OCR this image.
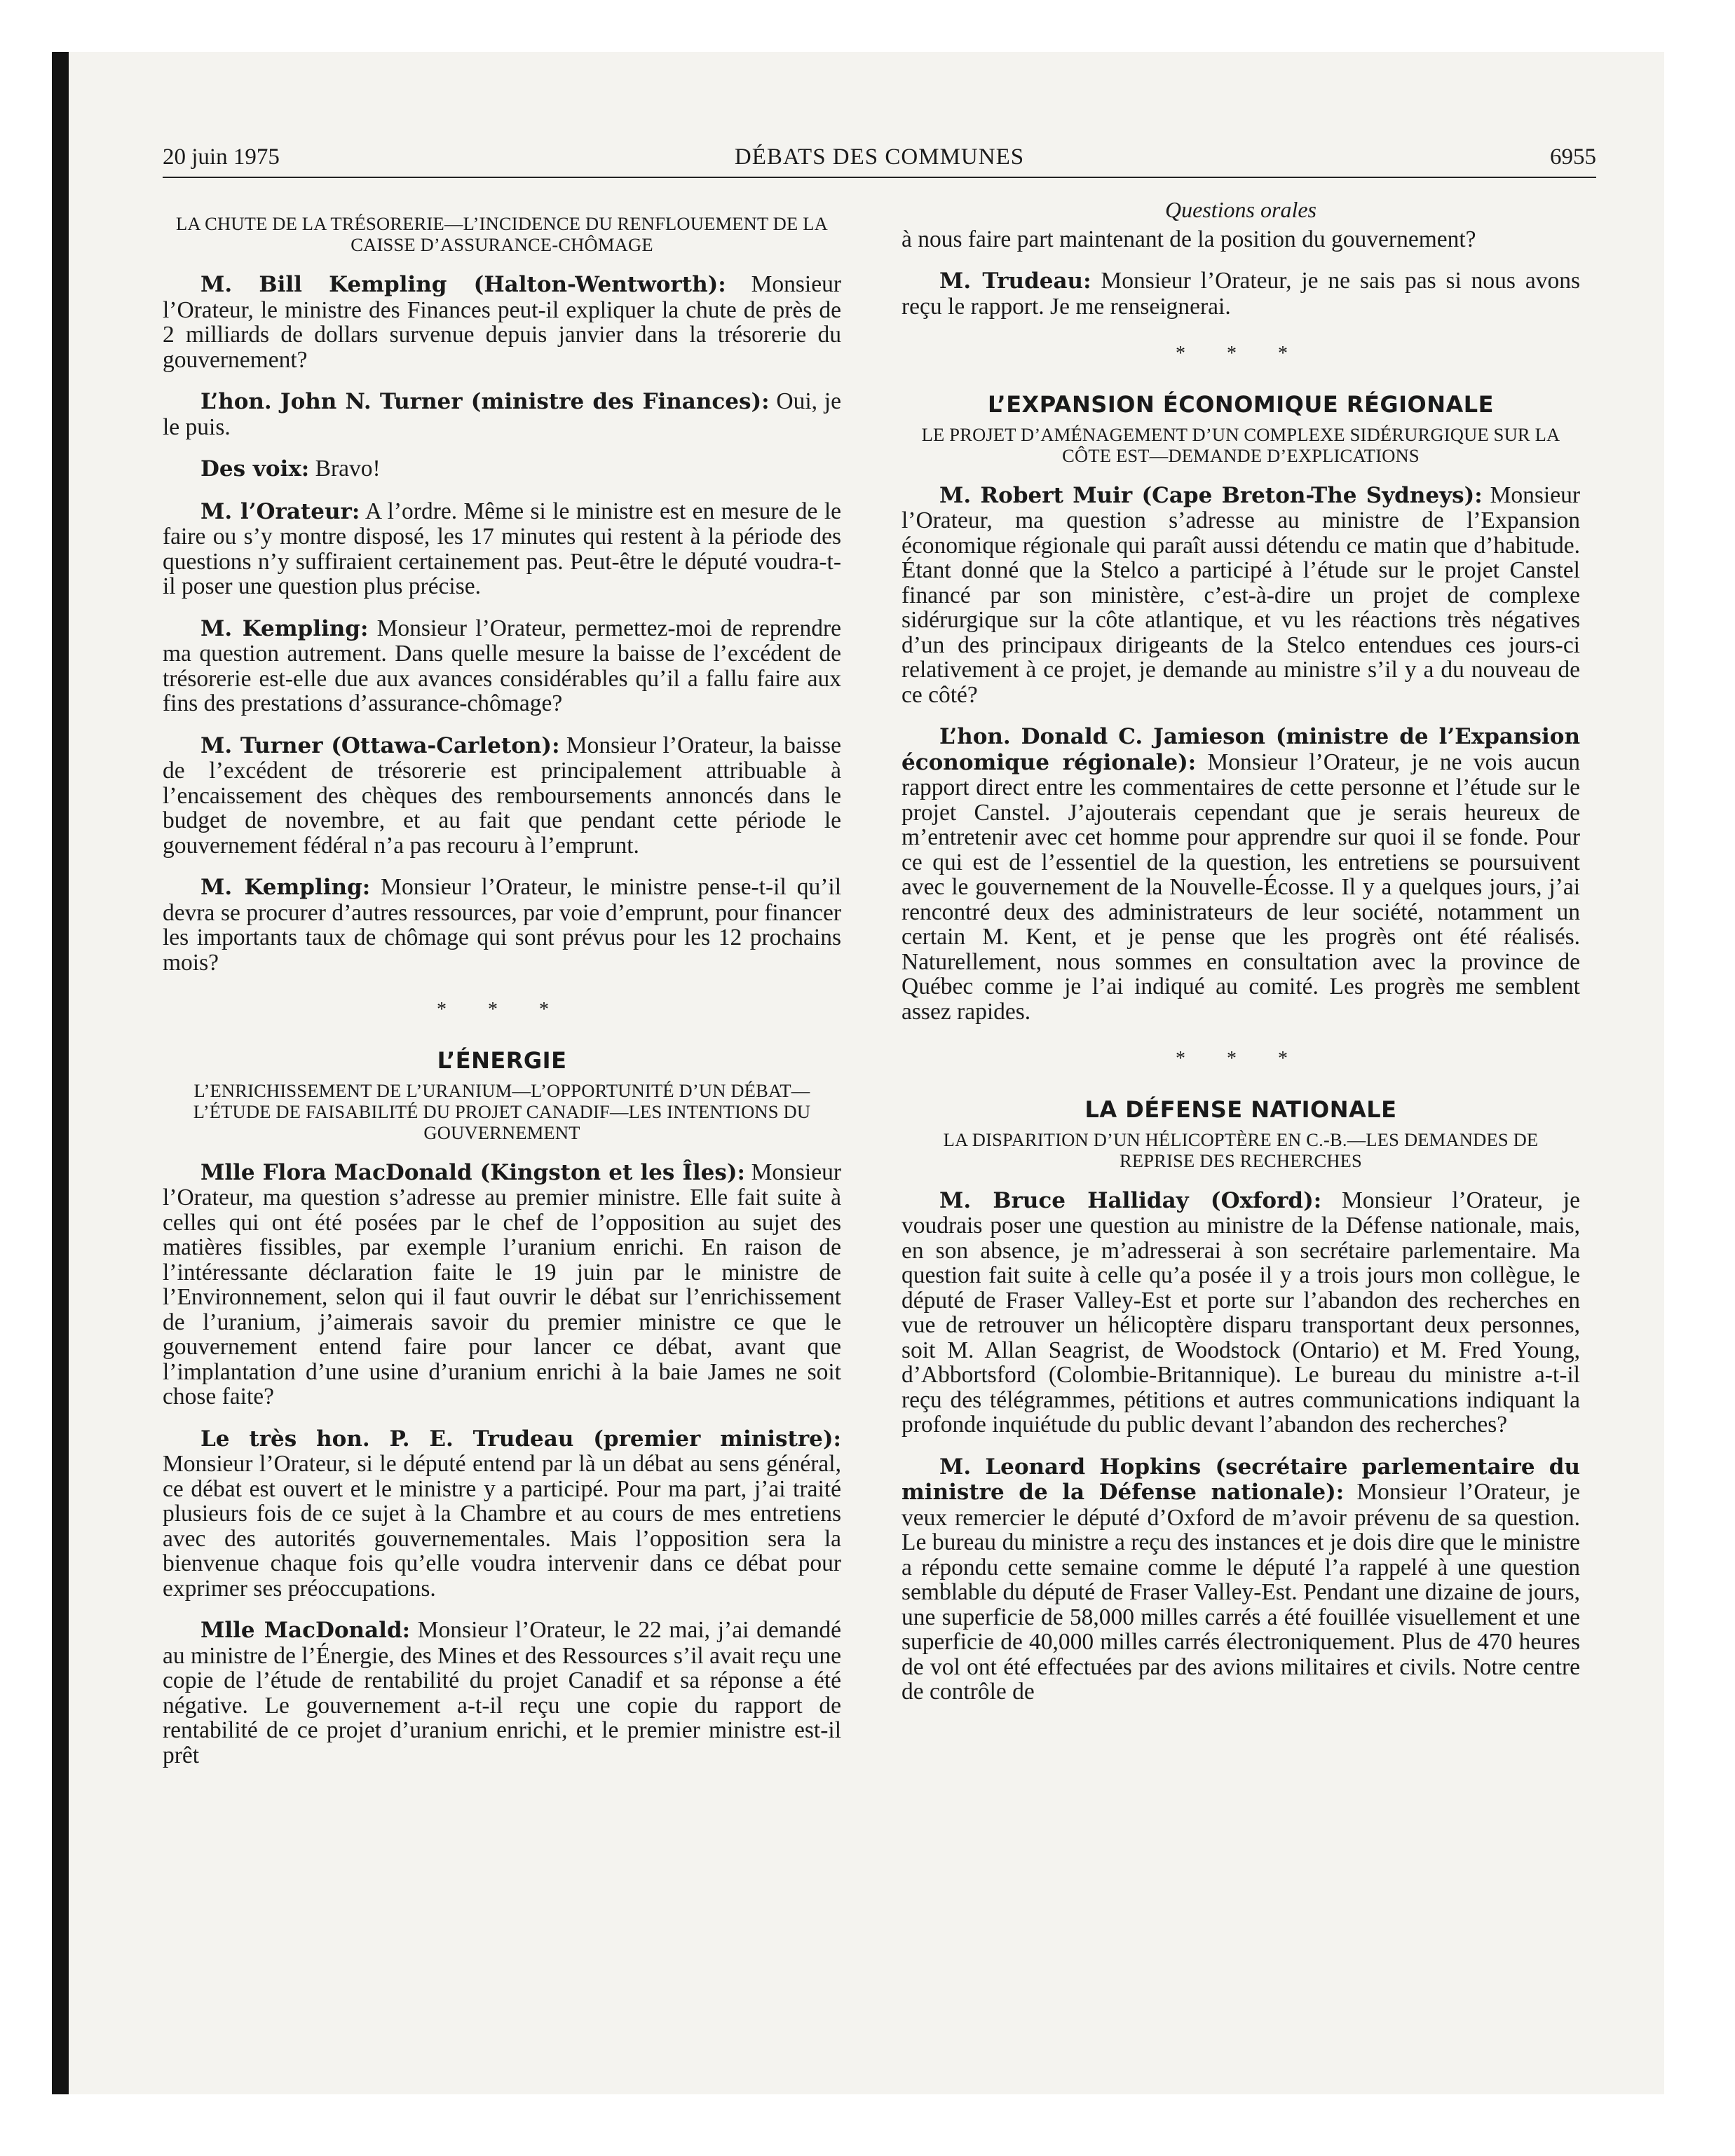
20 juin 1975	DÉBATS DES COMMUNES	6955
LA CHUTE DE LA TRÉSORERIE—L’INCIDENCE DU RENFLOUEMENT DE LA CAISSE D’ASSURANCE-CHÔMAGE

M. Bill Kempling (Halton-Wentworth): Monsieur l’Orateur, le ministre des Finances peut-il expliquer la chute de près de 2 milliards de dollars survenue depuis janvier dans la trésorerie du gouvernement?

L’hon. John N. Turner (ministre des Finances): Oui, je le puis.

Des voix: Bravo!

M. l’Orateur: A l’ordre. Même si le ministre est en mesure de le faire ou s’y montre disposé, les 17 minutes qui restent à la période des questions n’y suffiraient certainement pas. Peut-être le député voudra-t-il poser une question plus précise.

M. Kempling: Monsieur l’Orateur, permettez-moi de reprendre ma question autrement. Dans quelle mesure la baisse de l’excédent de trésorerie est-elle due aux avances considérables qu’il a fallu faire aux fins des prestations d’assurance-chômage?

M. Turner (Ottawa-Carleton): Monsieur l’Orateur, la baisse de l’excédent de trésorerie est principalement attribuable à l’encaissement des chèques des remboursements annoncés dans le budget de novembre, et au fait que pendant cette période le gouvernement fédéral n’a pas recouru à l’emprunt.

M. Kempling: Monsieur l’Orateur, le ministre pense-t-il qu’il devra se procurer d’autres ressources, par voie d’emprunt, pour financer les importants taux de chômage qui sont prévus pour les 12 prochains mois?

* * *
L’ÉNERGIE
L’ENRICHISSEMENT DE L’URANIUM—L’OPPORTUNITÉ D’UN DÉBAT—L’ÉTUDE DE FAISABILITÉ DU PROJET CANADIF—LES INTENTIONS DU GOUVERNEMENT

Mlle Flora MacDonald (Kingston et les Îles): Monsieur l’Orateur, ma question s’adresse au premier ministre. Elle fait suite à celles qui ont été posées par le chef de l’opposition au sujet des matières fissibles, par exemple l’uranium enrichi. En raison de l’intéressante déclaration faite le 19 juin par le ministre de l’Environnement, selon qui il faut ouvrir le débat sur l’enrichissement de l’uranium, j’aimerais savoir du premier ministre ce que le gouvernement entend faire pour lancer ce débat, avant que l’implantation d’une usine d’uranium enrichi à la baie James ne soit chose faite?

Le très hon. P. E. Trudeau (premier ministre): Monsieur l’Orateur, si le député entend par là un débat au sens général, ce débat est ouvert et le ministre y a participé. Pour ma part, j’ai traité plusieurs fois de ce sujet à la Chambre et au cours de mes entretiens avec des autorités gouvernementales. Mais l’opposition sera la bienvenue chaque fois qu’elle voudra intervenir dans ce débat pour exprimer ses préoccupations.

Mlle MacDonald: Monsieur l’Orateur, le 22 mai, j’ai demandé au ministre de l’Énergie, des Mines et des Ressources s’il avait reçu une copie de l’étude de rentabilité du projet Canadif et sa réponse a été négative. Le gouvernement a-t-il reçu une copie du rapport de rentabilité de ce projet d’uranium enrichi, et le premier ministre est-il prêt

Questions orales

à nous faire part maintenant de la position du gouvernement?

M. Trudeau: Monsieur l’Orateur, je ne sais pas si nous avons reçu le rapport. Je me renseignerai.

* * *
L’EXPANSION ÉCONOMIQUE RÉGIONALE
LE PROJET D’AMÉNAGEMENT D’UN COMPLEXE SIDÉRURGIQUE SUR LA CÔTE EST—DEMANDE D’EXPLICATIONS

M. Robert Muir (Cape Breton-The Sydneys): Monsieur l’Orateur, ma question s’adresse au ministre de l’Expansion économique régionale qui paraît aussi détendu ce matin que d’habitude. Étant donné que la Stelco a participé à l’étude sur le projet Canstel financé par son ministère, c’est-à-dire un projet de complexe sidérurgique sur la côte atlantique, et vu les réactions très négatives d’un des principaux dirigeants de la Stelco entendues ces jours-ci relativement à ce projet, je demande au ministre s’il y a du nouveau de ce côté?

L’hon. Donald C. Jamieson (ministre de l’Expansion économique régionale): Monsieur l’Orateur, je ne vois aucun rapport direct entre les commentaires de cette personne et l’étude sur le projet Canstel. J’ajouterais cependant que je serais heureux de m’entretenir avec cet homme pour apprendre sur quoi il se fonde. Pour ce qui est de l’essentiel de la question, les entretiens se poursuivent avec le gouvernement de la Nouvelle-Écosse. Il y a quelques jours, j’ai rencontré deux des administrateurs de leur société, notamment un certain M. Kent, et je pense que les progrès ont été réalisés. Naturellement, nous sommes en consultation avec la province de Québec comme je l’ai indiqué au comité. Les progrès me semblent assez rapides.

* * *
LA DÉFENSE NATIONALE
LA DISPARITION D’UN HÉLICOPTÈRE EN C.-B.—LES DEMANDES DE REPRISE DES RECHERCHES

M. Bruce Halliday (Oxford): Monsieur l’Orateur, je voudrais poser une question au ministre de la Défense nationale, mais, en son absence, je m’adresserai à son secrétaire parlementaire. Ma question fait suite à celle qu’a posée il y a trois jours mon collègue, le député de Fraser Valley-Est et porte sur l’abandon des recherches en vue de retrouver un hélicoptère disparu transportant deux personnes, soit M. Allan Seagrist, de Woodstock (Ontario) et M. Fred Young, d’Abbortsford (Colombie-Britannique). Le bureau du ministre a-t-il reçu des télégrammes, pétitions et autres communications indiquant la profonde inquiétude du public devant l’abandon des recherches?

M. Leonard Hopkins (secrétaire parlementaire du ministre de la Défense nationale): Monsieur l’Orateur, je veux remercier le député d’Oxford de m’avoir prévenu de sa question. Le bureau du ministre a reçu des instances et je dois dire que le ministre a répondu cette semaine comme le député l’a rappelé à une question semblable du député de Fraser Valley-Est. Pendant une dizaine de jours, une superficie de 58,000 milles carrés a été fouillée visuellement et une superficie de 40,000 milles carrés électroniquement. Plus de 470 heures de vol ont été effectuées par des avions militaires et civils. Notre centre de contrôle de
